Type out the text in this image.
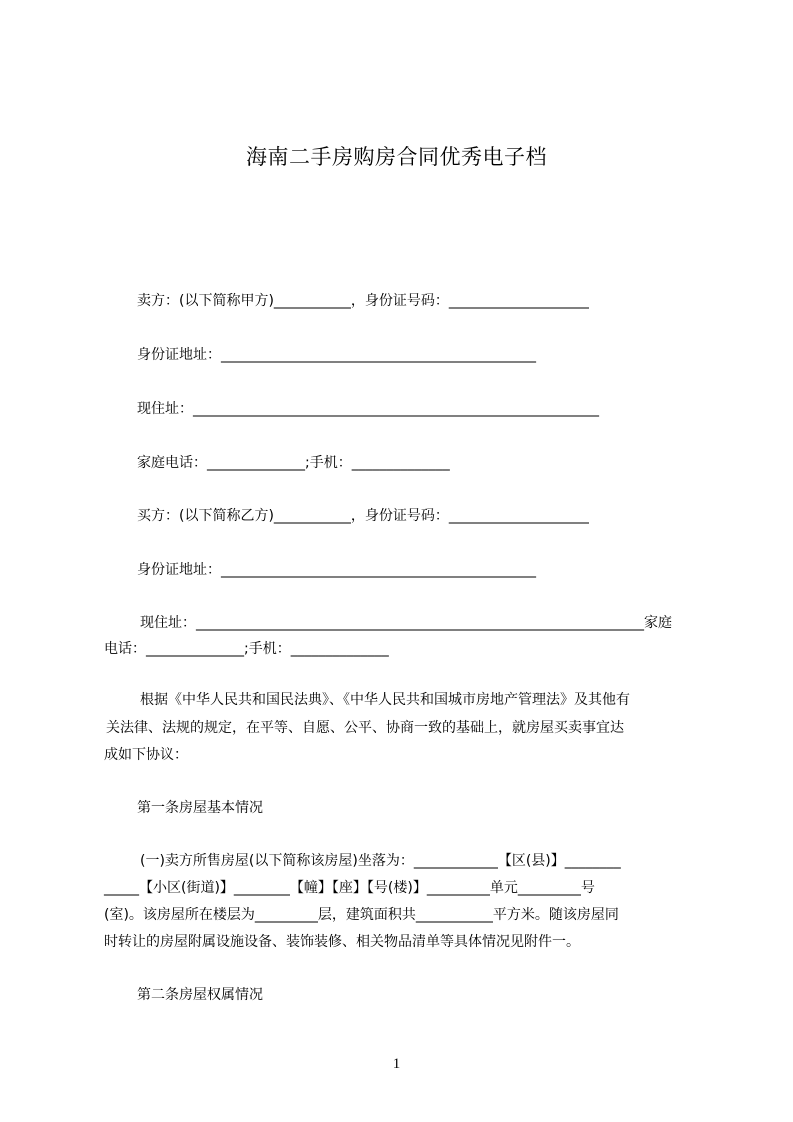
海南二手房购房合同优秀电子档
卖方：(以下简称甲方)___________，身份证号码：____________________
身份证地址：_____________________________________________
现住址：__________________________________________________________
家庭电话：______________;手机：______________
买方：(以下简称乙方)___________，身份证号码：____________________
身份证地址：_____________________________________________
现住址：________________________________________________________________家庭
电话：______________;手机：______________
根据《中华人民共和国民法典》、《中华人民共和国城市房地产管理法》及其他有
关法律、法规的规定，在平等、自愿、公平、协商一致的基础上，就房屋买卖事宜达
成如下协议：
第一条房屋基本情况
(一)卖方所售房屋(以下简称该房屋)坐落为：____________【区(县)】________
_____【小区(街道)】________【幢】【座】【号(楼)】_________单元_________号
(室)。该房屋所在楼层为_________层，建筑面积共___________平方米。随该房屋同
时转让的房屋附属设施设备、装饰装修、相关物品清单等具体情况见附件一。
第二条房屋权属情况
1
